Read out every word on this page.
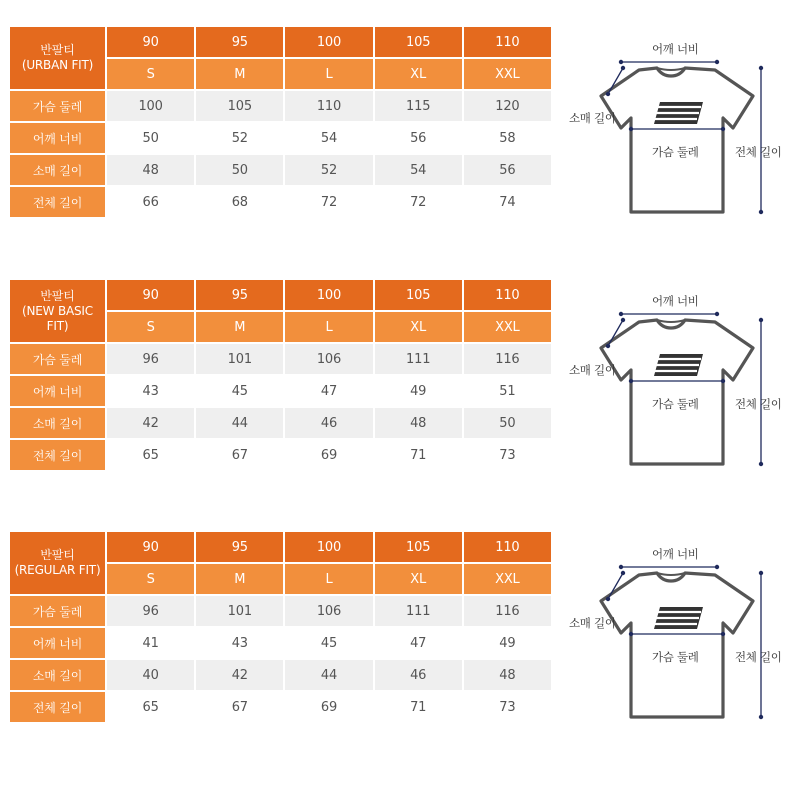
반팔티
(URBAN FIT)	90	95	100	105	110
	S	M	L	XL	XXL
가슴 둘레	100	105	110	115	120
어깨 너비	50	52	54	56	58
소매 길이	48	50	52	54	56
전체 길이	66	68	72	72	74
반팔티
(NEW BASIC FIT)	90	95	100	105	110
	S	M	L	XL	XXL
가슴 둘레	96	101	106	111	116
어깨 너비	43	45	47	49	51
소매 길이	42	44	46	48	50
전체 길이	65	67	69	71	73
반팔티
(REGULAR FIT)	90	95	100	105	110
	S	M	L	XL	XXL
가슴 둘레	96	101	106	111	116
어깨 너비	41	43	45	47	49
소매 길이	40	42	44	46	48
전체 길이	65	67	69	71	73
어깨 너비
소매 길이
가슴 둘레	전체 길이
어깨 너비
소매 길이
가슴 둘레	전체 길이
어깨 너비
소매 길이
가슴 둘레	전체 길이
